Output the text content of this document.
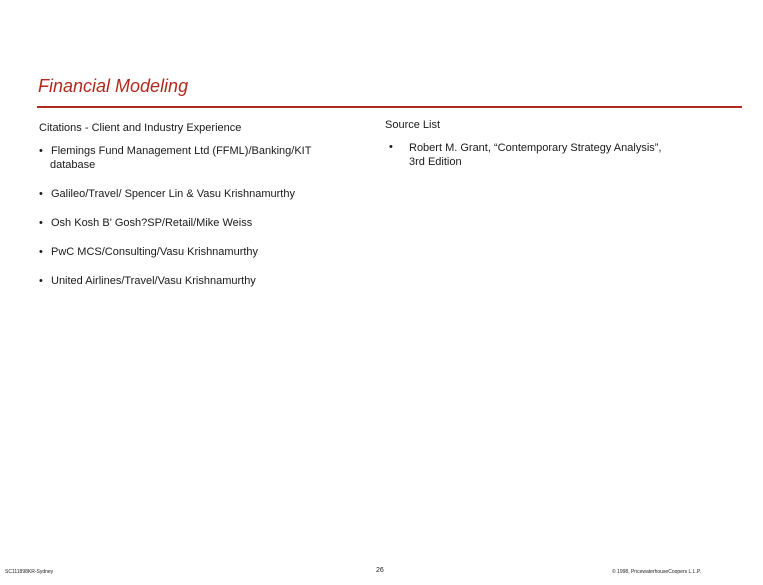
Financial Modeling
Citations - Client and Industry Experience	Source List
• Flemings Fund Management Ltd (FFML)/Banking/KIT
database
• Galileo/Travel/ Spencer Lin & Vasu Krishnamurthy
• Osh Kosh B' Gosh?SP/Retail/Mike Weiss
• PwC MCS/Consulting/Vasu Krishnamurthy
• United Airlines/Travel/Vasu Krishnamurthy
• Robert M. Grant, “Contemporary Strategy Analysis”,
3rd Edition
SC111898KR-Sydney	26	© 1998, PricewaterhouseCoopers L.L.P.
